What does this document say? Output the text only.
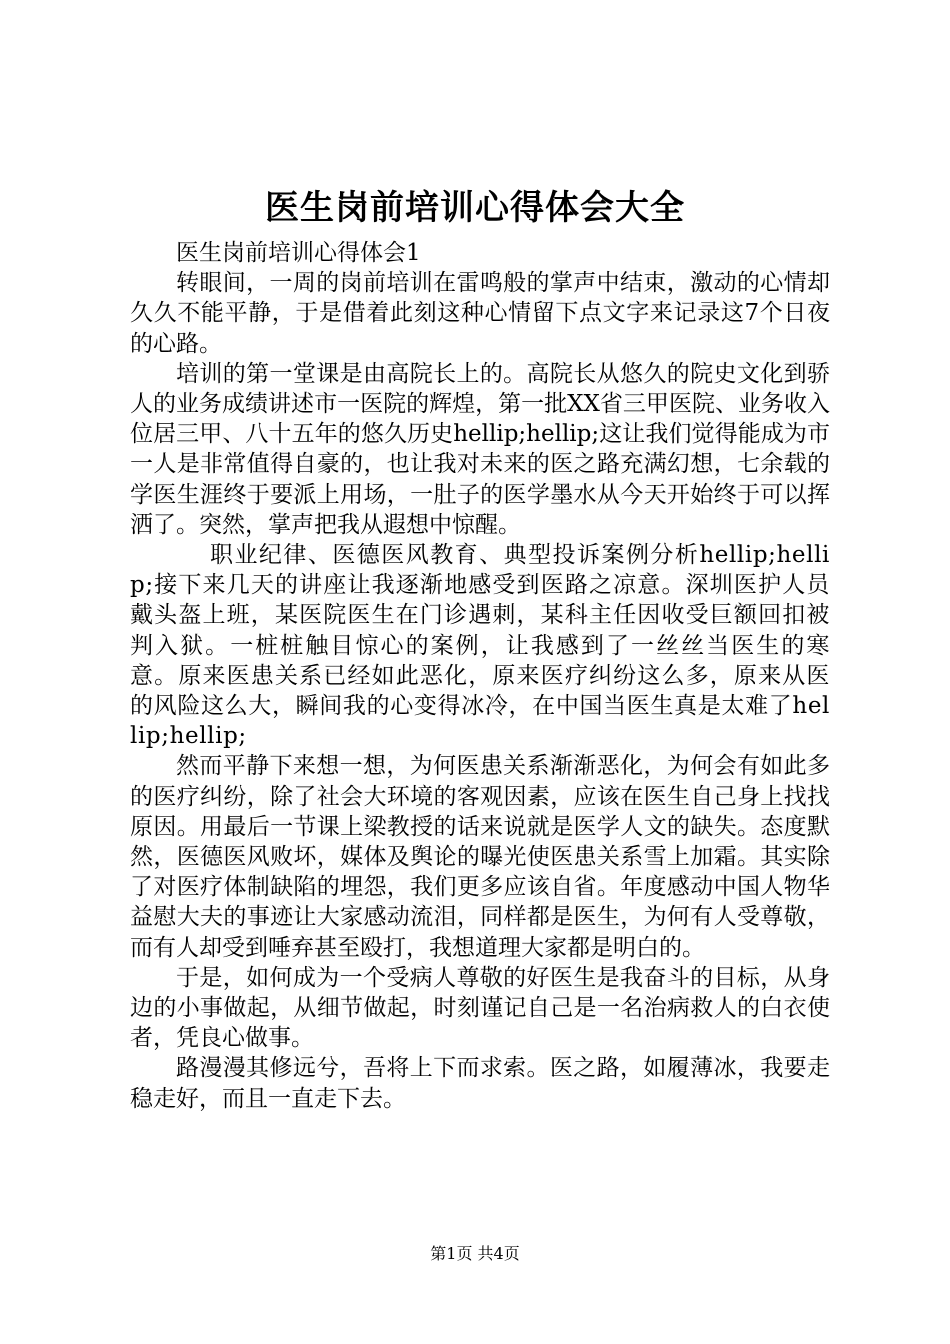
医生岗前培训心得体会大全

医生岗前培训心得体会1

转眼间，一周的岗前培训在雷鸣般的掌声中结束，激动的心情却久久不能平静，于是借着此刻这种心情留下点文字来记录这7个日夜的心路。

培训的第一堂课是由高院长上的。高院长从悠久的院史文化到骄人的业务成绩讲述市一医院的辉煌，第一批XX省三甲医院、业务收入位居三甲、八十五年的悠久历史hellip;hellip;这让我们觉得能成为市一人是非常值得自豪的，也让我对未来的医之路充满幻想，七余载的学医生涯终于要派上用场，一肚子的医学墨水从今天开始终于可以挥洒了。突然，掌声把我从遐想中惊醒。

职业纪律、医德医风教育、典型投诉案例分析hellip;hellip;接下来几天的讲座让我逐渐地感受到医路之凉意。深圳医护人员戴头盔上班，某医院医生在门诊遇刺，某科主任因收受巨额回扣被判入狱。一桩桩触目惊心的案例，让我感到了一丝丝当医生的寒意。原来医患关系已经如此恶化，原来医疗纠纷这么多，原来从医的风险这么大，瞬间我的心变得冰冷，在中国当医生真是太难了hellip;hellip;

然而平静下来想一想，为何医患关系渐渐恶化，为何会有如此多的医疗纠纷，除了社会大环境的客观因素，应该在医生自己身上找找原因。用最后一节课上梁教授的话来说就是医学人文的缺失。态度默然，医德医风败坏，媒体及舆论的曝光使医患关系雪上加霜。其实除了对医疗体制缺陷的埋怨，我们更多应该自省。年度感动中国人物华益慰大夫的事迹让大家感动流泪，同样都是医生，为何有人受尊敬，而有人却受到唾弃甚至殴打，我想道理大家都是明白的。

于是，如何成为一个受病人尊敬的好医生是我奋斗的目标，从身边的小事做起，从细节做起，时刻谨记自己是一名治病救人的白衣使者，凭良心做事。

路漫漫其修远兮，吾将上下而求索。医之路，如履薄冰，我要走稳走好，而且一直走下去。

第1页 共4页
